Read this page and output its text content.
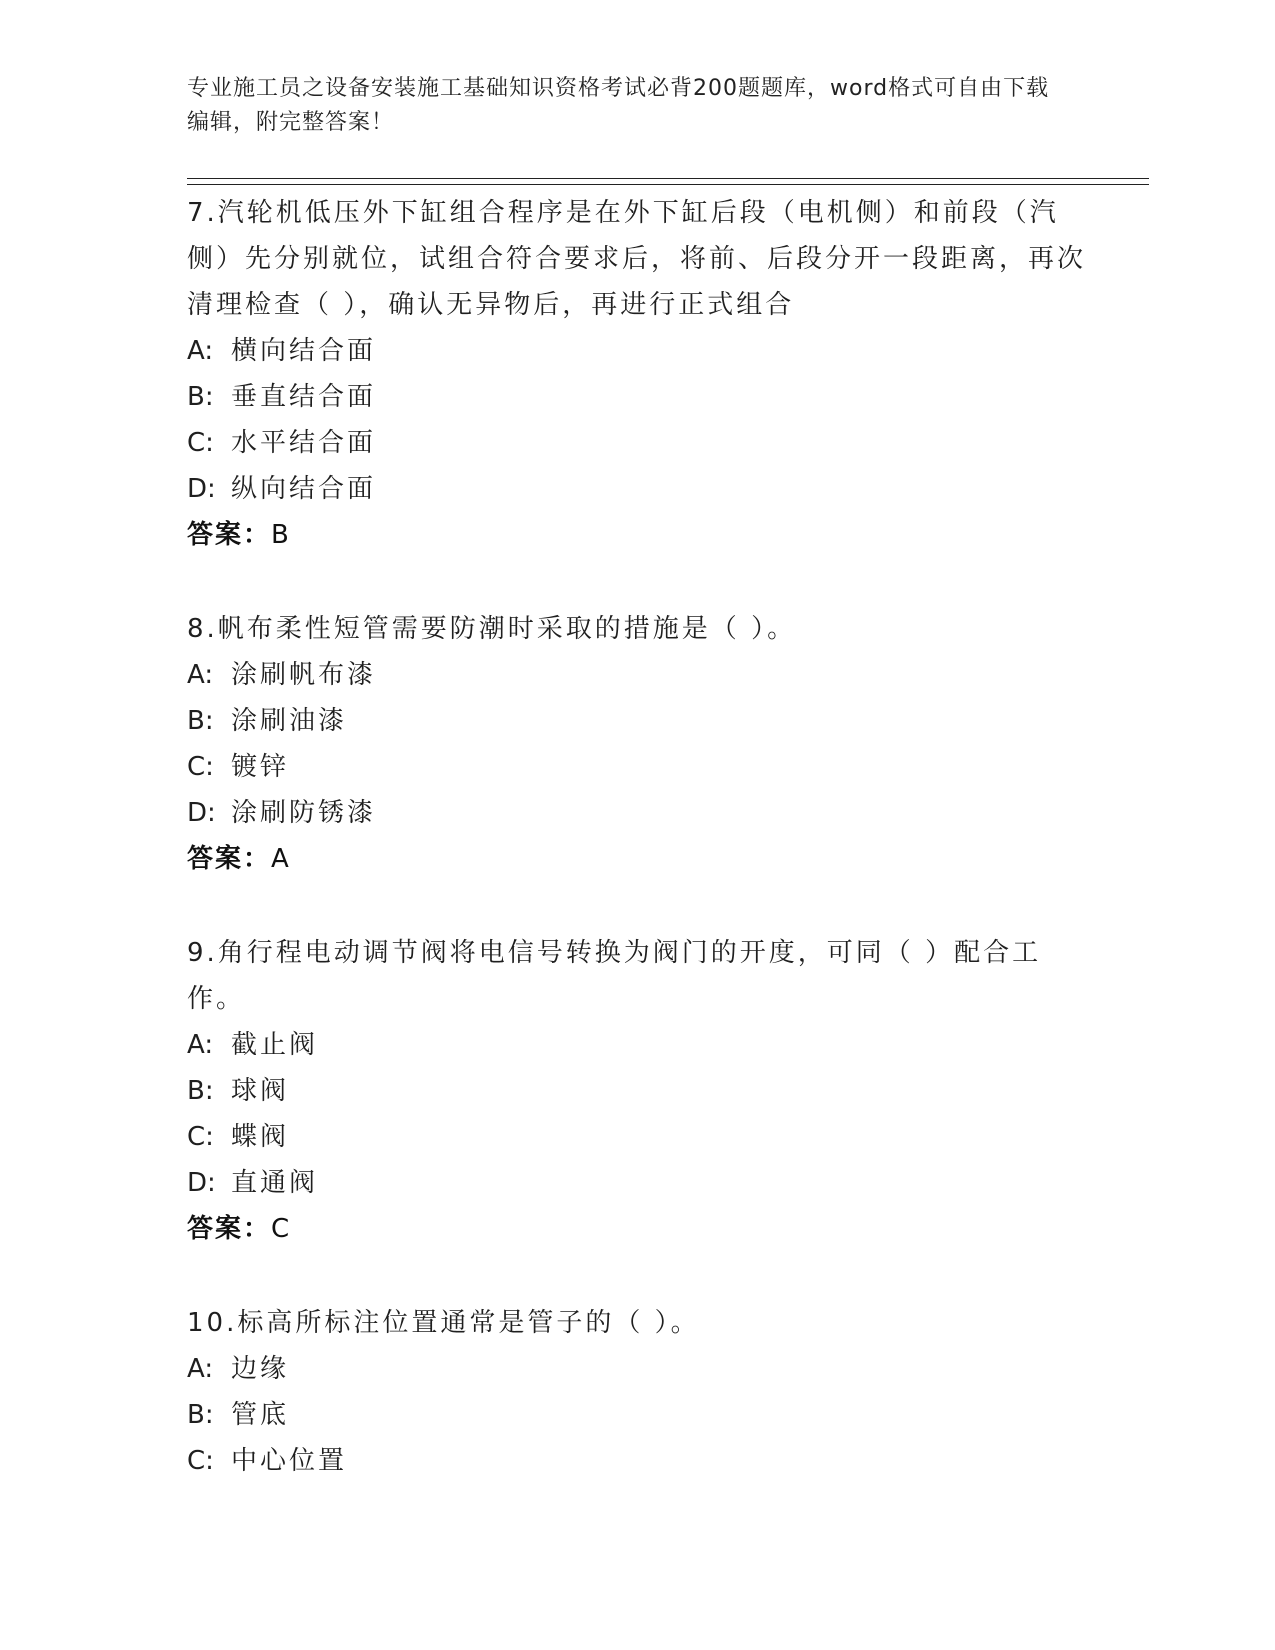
专业施工员之设备安装施工基础知识资格考试必背200题题库，word格式可自由下载编辑，附完整答案！
7.汽轮机低压外下缸组合程序是在外下缸后段（电机侧）和前段（汽侧）先分别就位，试组合符合要求后，将前、后段分开一段距离，再次清理检查（ ），确认无异物后，再进行正式组合
A: 横向结合面
B: 垂直结合面
C: 水平结合面
D: 纵向结合面
答案：B
8.帆布柔性短管需要防潮时采取的措施是（ ）。
A: 涂刷帆布漆
B: 涂刷油漆
C: 镀锌
D: 涂刷防锈漆
答案：A
9.角行程电动调节阀将电信号转换为阀门的开度，可同（ ）配合工作。
A: 截止阀
B: 球阀
C: 蝶阀
D: 直通阀
答案：C
10.标高所标注位置通常是管子的（ ）。
A: 边缘
B: 管底
C: 中心位置
